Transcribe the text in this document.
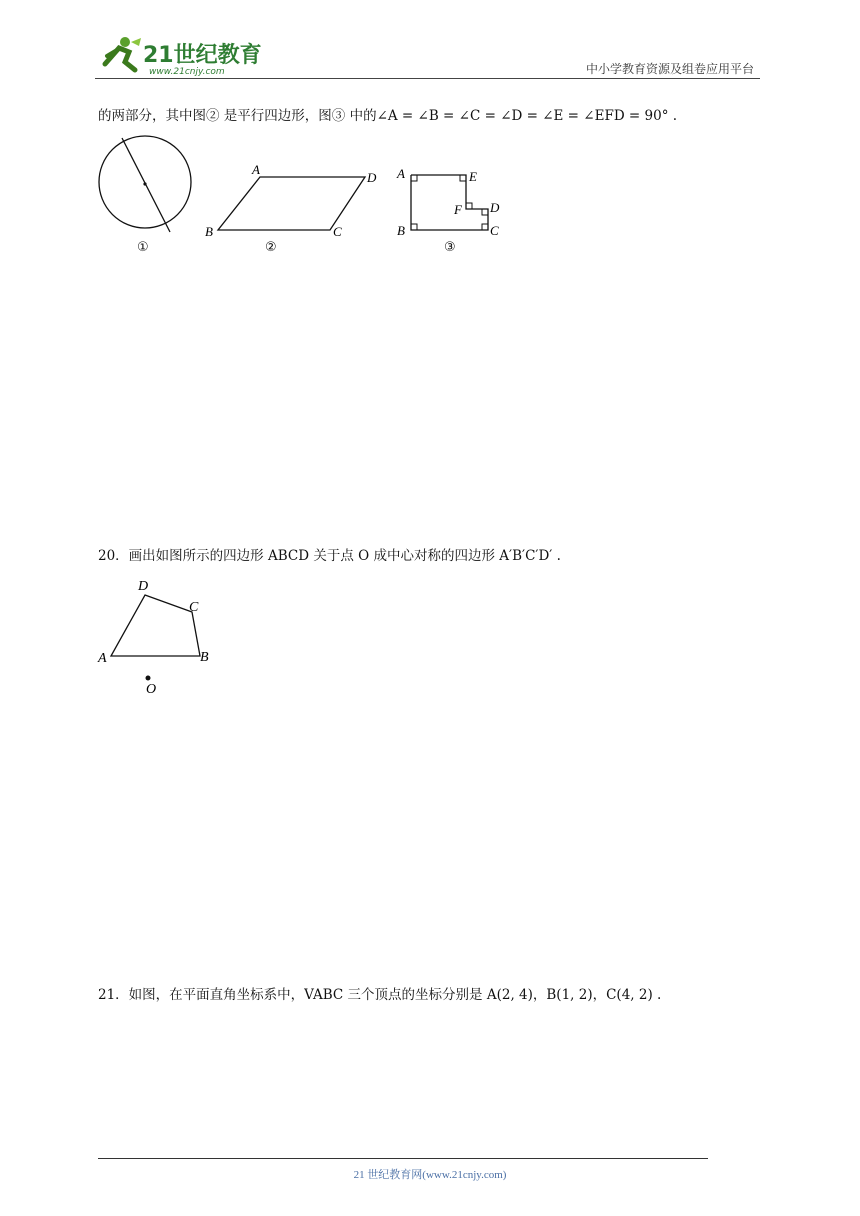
21世纪教育
www.21cnjy.com	中小学教育资源及组卷应用平台
的两部分，其中图② 是平行四边形，图③ 中的∠A = ∠B = ∠C = ∠D = ∠E = ∠EFD = 90° .
①
A
D
B	C
②
A	E
F D
B	C
③
20．画出如图所示的四边形 ABCD 关于点 O 成中心对称的四边形 A′B′C′D′ .
D
C
A	B
O
21．如图，在平面直角坐标系中，VABC 三个顶点的坐标分别是 A(2, 4)，B(1, 2)，C(4, 2) .
21 世纪教育网(www.21cnjy.com)
